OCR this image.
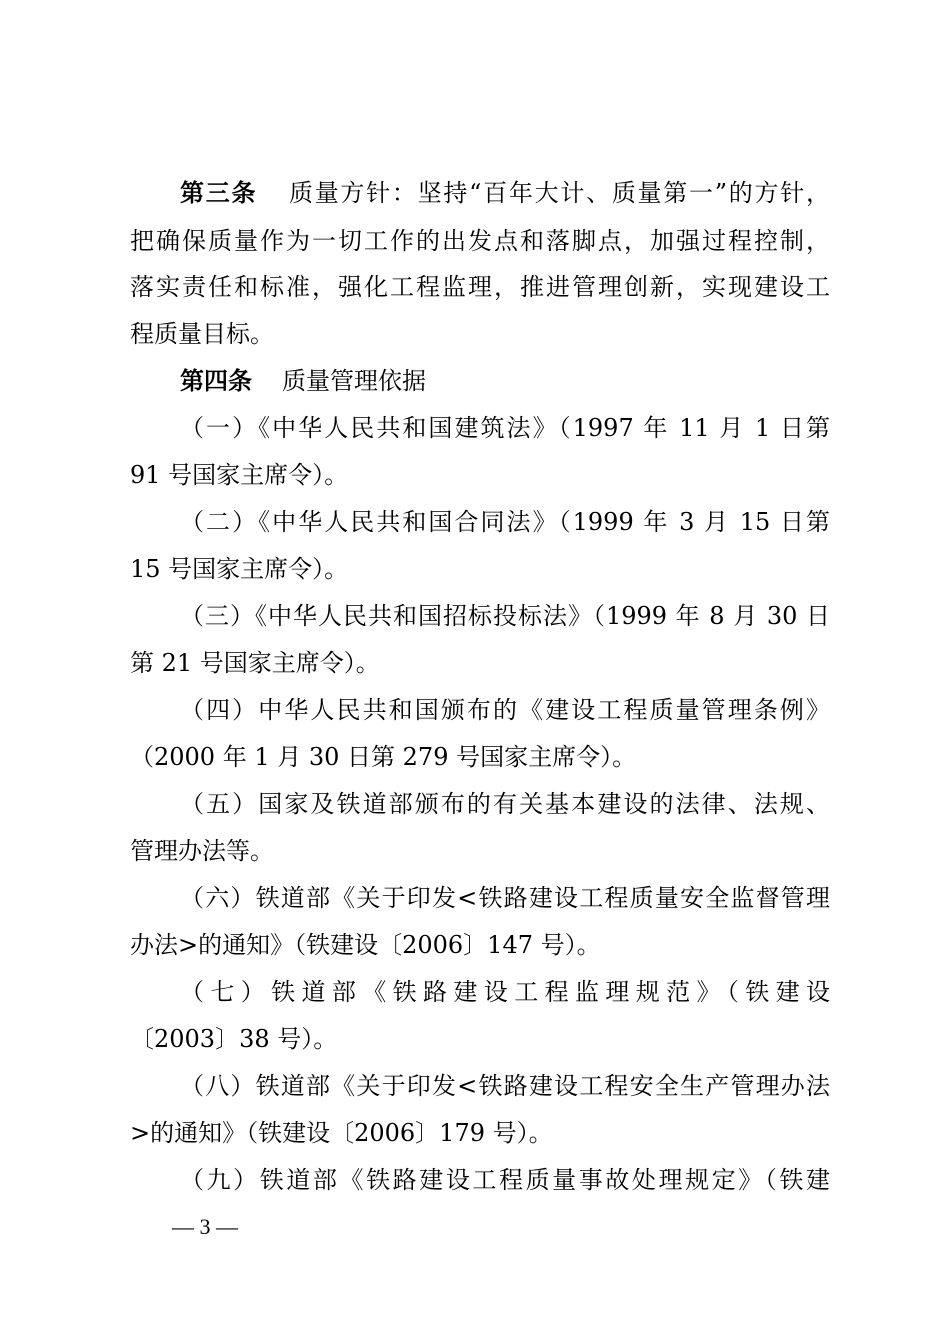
第三条 质量方针：坚持“百年大计、质量第一”的方针，
把确保质量作为一切工作的出发点和落脚点，加强过程控制，
落实责任和标准，强化工程监理，推进管理创新，实现建设工
程质量目标。
第四条 质量管理依据
（一）《中华人民共和国建筑法》（1997 年 11 月 1 日第
91 号国家主席令）。
（二）《中华人民共和国合同法》（1999 年 3 月 15 日第
15 号国家主席令）。
（三）《中华人民共和国招标投标法》（1999 年 8 月 30 日
第 21 号国家主席令）。
（四）中华人民共和国颁布的《建设工程质量管理条例》
（2000 年 1 月 30 日第 279 号国家主席令）。
（五）国家及铁道部颁布的有关基本建设的法律、法规、
管理办法等。
（六）铁道部《关于印发<铁路建设工程质量安全监督管理
办法>的通知》（铁建设〔2006〕147 号）。
（七）铁道部《铁路建设工程监理规范》（铁建设
〔2003〕38 号）。
（八）铁道部《关于印发<铁路建设工程安全生产管理办法
>的通知》（铁建设〔2006〕179 号）。
（九）铁道部《铁路建设工程质量事故处理规定》（铁建
— 3 —
